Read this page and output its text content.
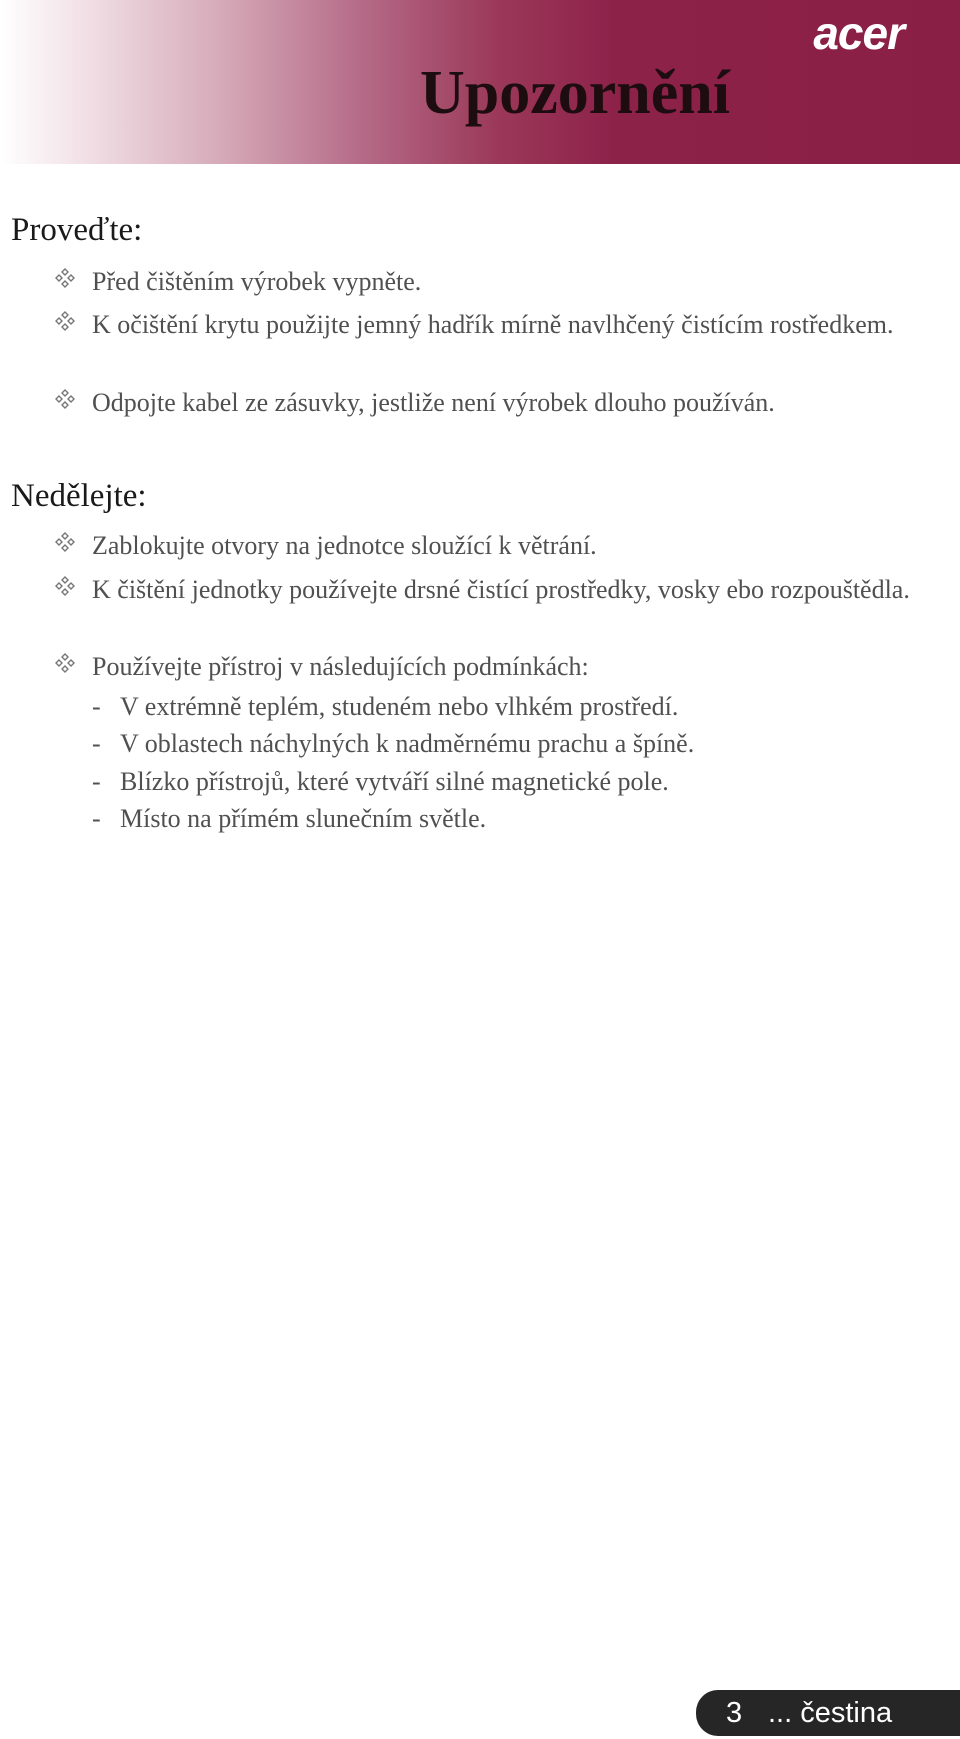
acer
Upozornění
Proveďte:

Před čištěním výrobek vypněte.

K očištění krytu použijte jemný hadřík mírně navlhčený čistícím rostředkem.

Odpojte kabel ze zásuvky, jestliže není výrobek dlouho používán.

Nedělejte:

Zablokujte otvory na jednotce sloužící k větrání.

K čištění jednotky používejte drsné čistící prostředky, vosky ebo rozpouštědla.

Používejte přístroj v následujících podmínkách:

- V extrémně teplém, studeném nebo vlhkém prostředí.
- V oblastech náchylných k nadměrnému prachu a špíně.
- Blízko přístrojů, které vytváří silné magnetické pole.
- Místo na přímém slunečním světle.
3 ... čestina
